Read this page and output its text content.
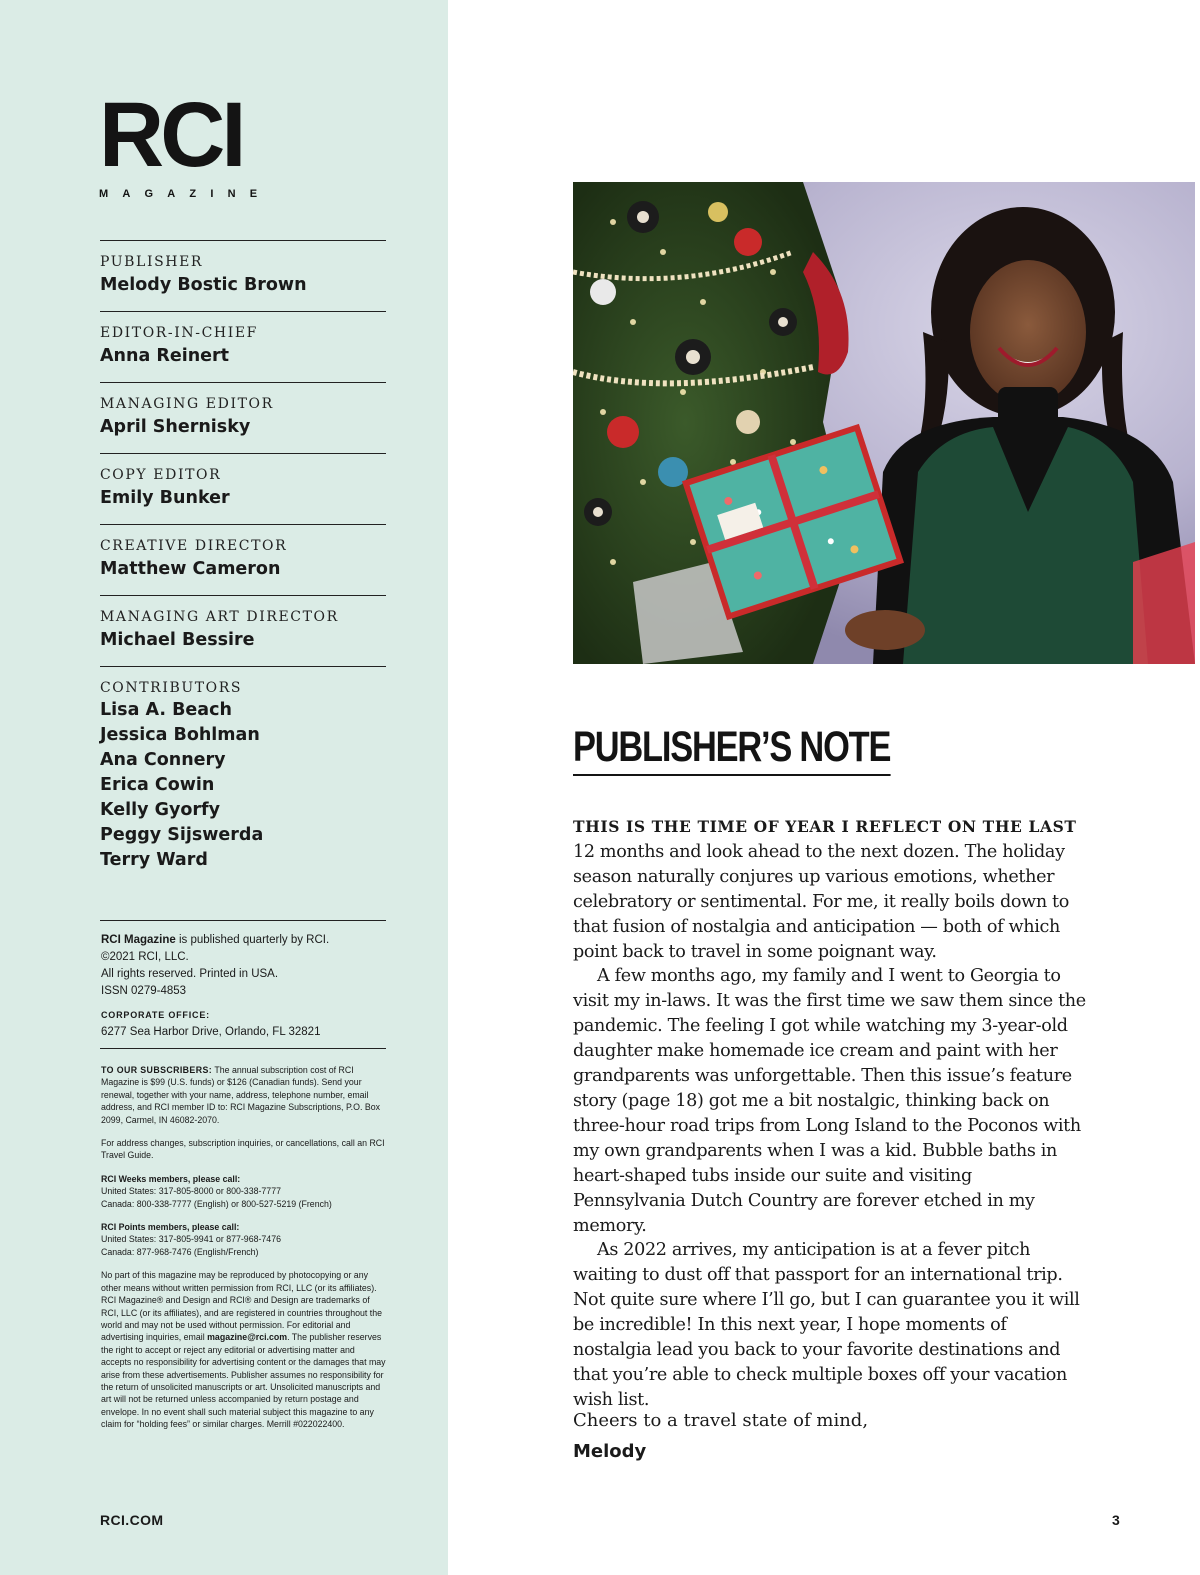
RCI
MAGAZINE
PUBLISHER
Melody Bostic Brown
EDITOR-IN-CHIEF
Anna Reinert
MANAGING EDITOR
April Shernisky
COPY EDITOR
Emily Bunker
CREATIVE DIRECTOR
Matthew Cameron
MANAGING ART DIRECTOR
Michael Bessire
CONTRIBUTORS
Lisa A. Beach
Jessica Bohlman
Ana Connery
Erica Cowin
Kelly Gyorfy
Peggy Sijswerda
Terry Ward

RCI Magazine is published quarterly by RCI.

©2021 RCI, LLC.

All rights reserved. Printed in USA.

ISSN 0279-4853

CORPORATE OFFICE:

6277 Sea Harbor Drive, Orlando, FL 32821

TO OUR SUBSCRIBERS: The annual subscription cost of RCI Magazine is $99 (U.S. funds) or $126 (Canadian funds). Send your renewal, together with your name, address, telephone number, email address, and RCI member ID to: RCI Magazine Subscriptions, P.O. Box 2099, Carmel, IN 46082-2070.

For address changes, subscription inquiries, or cancellations, call an RCI Travel Guide.

RCI Weeks members, please call:
United States: 317-805-8000 or 800-338-7777
Canada: 800-338-7777 (English) or 800-527-5219 (French)

RCI Points members, please call:
United States: 317-805-9941 or 877-968-7476
Canada: 877-968-7476 (English/French)

No part of this magazine may be reproduced by photocopying or any other means without written permission from RCI, LLC (or its affiliates). RCI Magazine® and Design and RCI® and Design are trademarks of RCI, LLC (or its affiliates), and are registered in countries throughout the world and may not be used without permission. For editorial and advertising inquiries, email magazine@rci.com. The publisher reserves the right to accept or reject any editorial or advertising matter and accepts no responsibility for advertising content or the damages that may arise from these advertisements. Publisher assumes no responsibility for the return of unsolicited manuscripts or art. Unsolicited manuscripts and art will not be returned unless accompanied by return postage and envelope. In no event shall such material subject this magazine to any claim for “holding fees” or similar charges. Merrill #022022400.

RCI.COM
PUBLISHER’S NOTE

THIS IS THE TIME OF YEAR I REFLECT ON THE LAST 12 months and look ahead to the next dozen. The holiday season naturally conjures up various emotions, whether celebratory or sentimental. For me, it really boils down to that fusion of nostalgia and anticipation — both of which point back to travel in some poignant way.

A few months ago, my family and I went to Georgia to visit my in-laws. It was the first time we saw them since the pandemic. The feeling I got while watching my 3-year-old daughter make homemade ice cream and paint with her grandparents was unforgettable. Then this issue’s feature story (page 18) got me a bit nostalgic, thinking back on three-hour road trips from Long Island to the Poconos with my own grandparents when I was a kid. Bubble baths in heart-shaped tubs inside our suite and visiting Pennsylvania Dutch Country are forever etched in my memory.

As 2022 arrives, my anticipation is at a fever pitch waiting to dust off that passport for an international trip. Not quite sure where I’ll go, but I can guarantee you it will be incredible! In this next year, I hope moments of nostalgia lead you back to your favorite destinations and that you’re able to check multiple boxes off your vacation wish list.

Cheers to a travel state of mind,
Melody
3
